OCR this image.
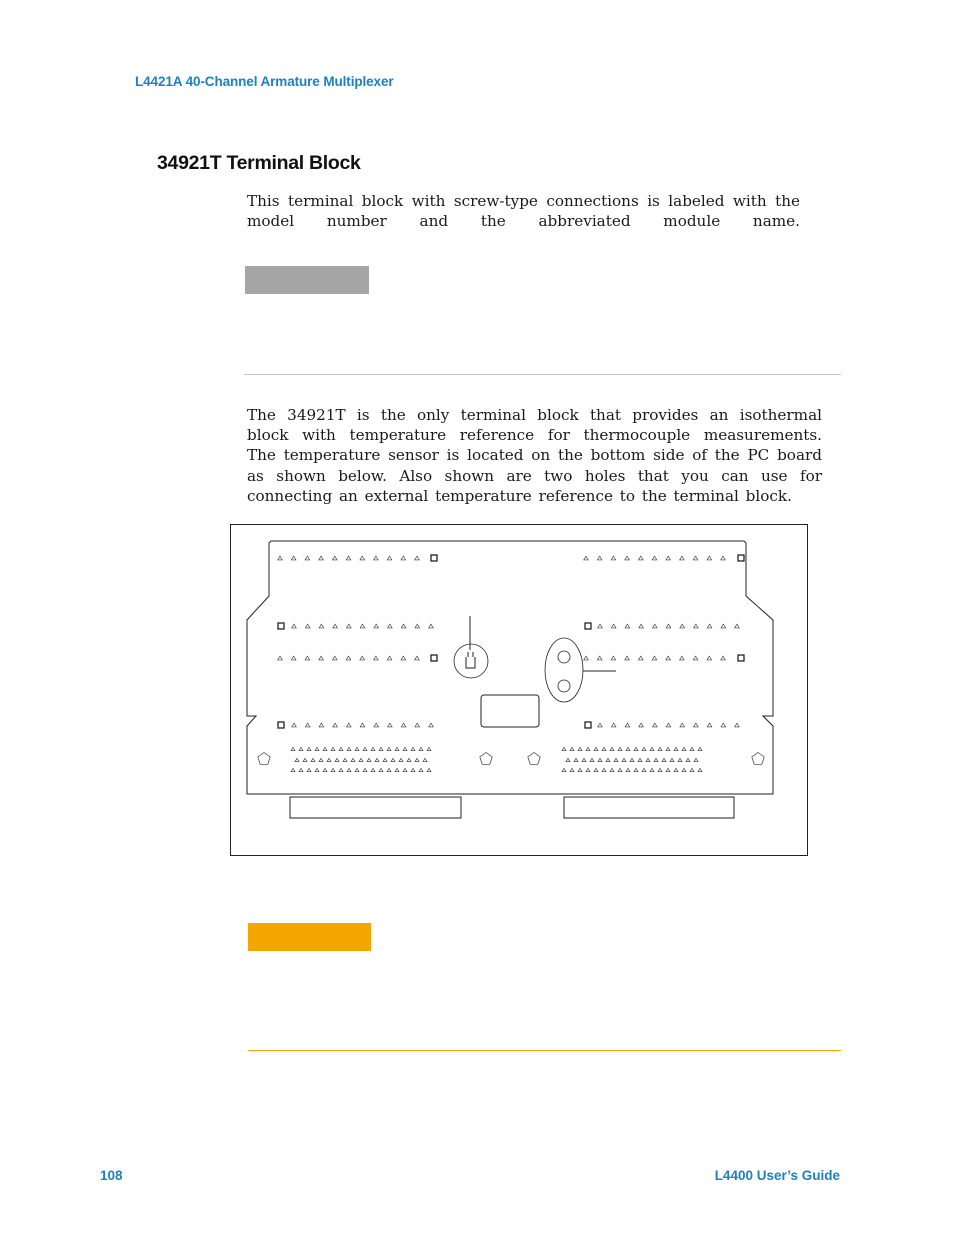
L4421A 40-Channel Armature Multiplexer
34921T Terminal Block

This terminal block with screw-type connections is labeled with the model number and the abbreviated module name.

The 34921T is the only terminal block that provides an isothermal
block with temperature reference for thermocouple measurements.
The temperature sensor is located on the bottom side of the PC board
as shown below. Also shown are two holes that you can use for
connecting an external temperature reference to the terminal block.
108	L4400 User’s Guide
